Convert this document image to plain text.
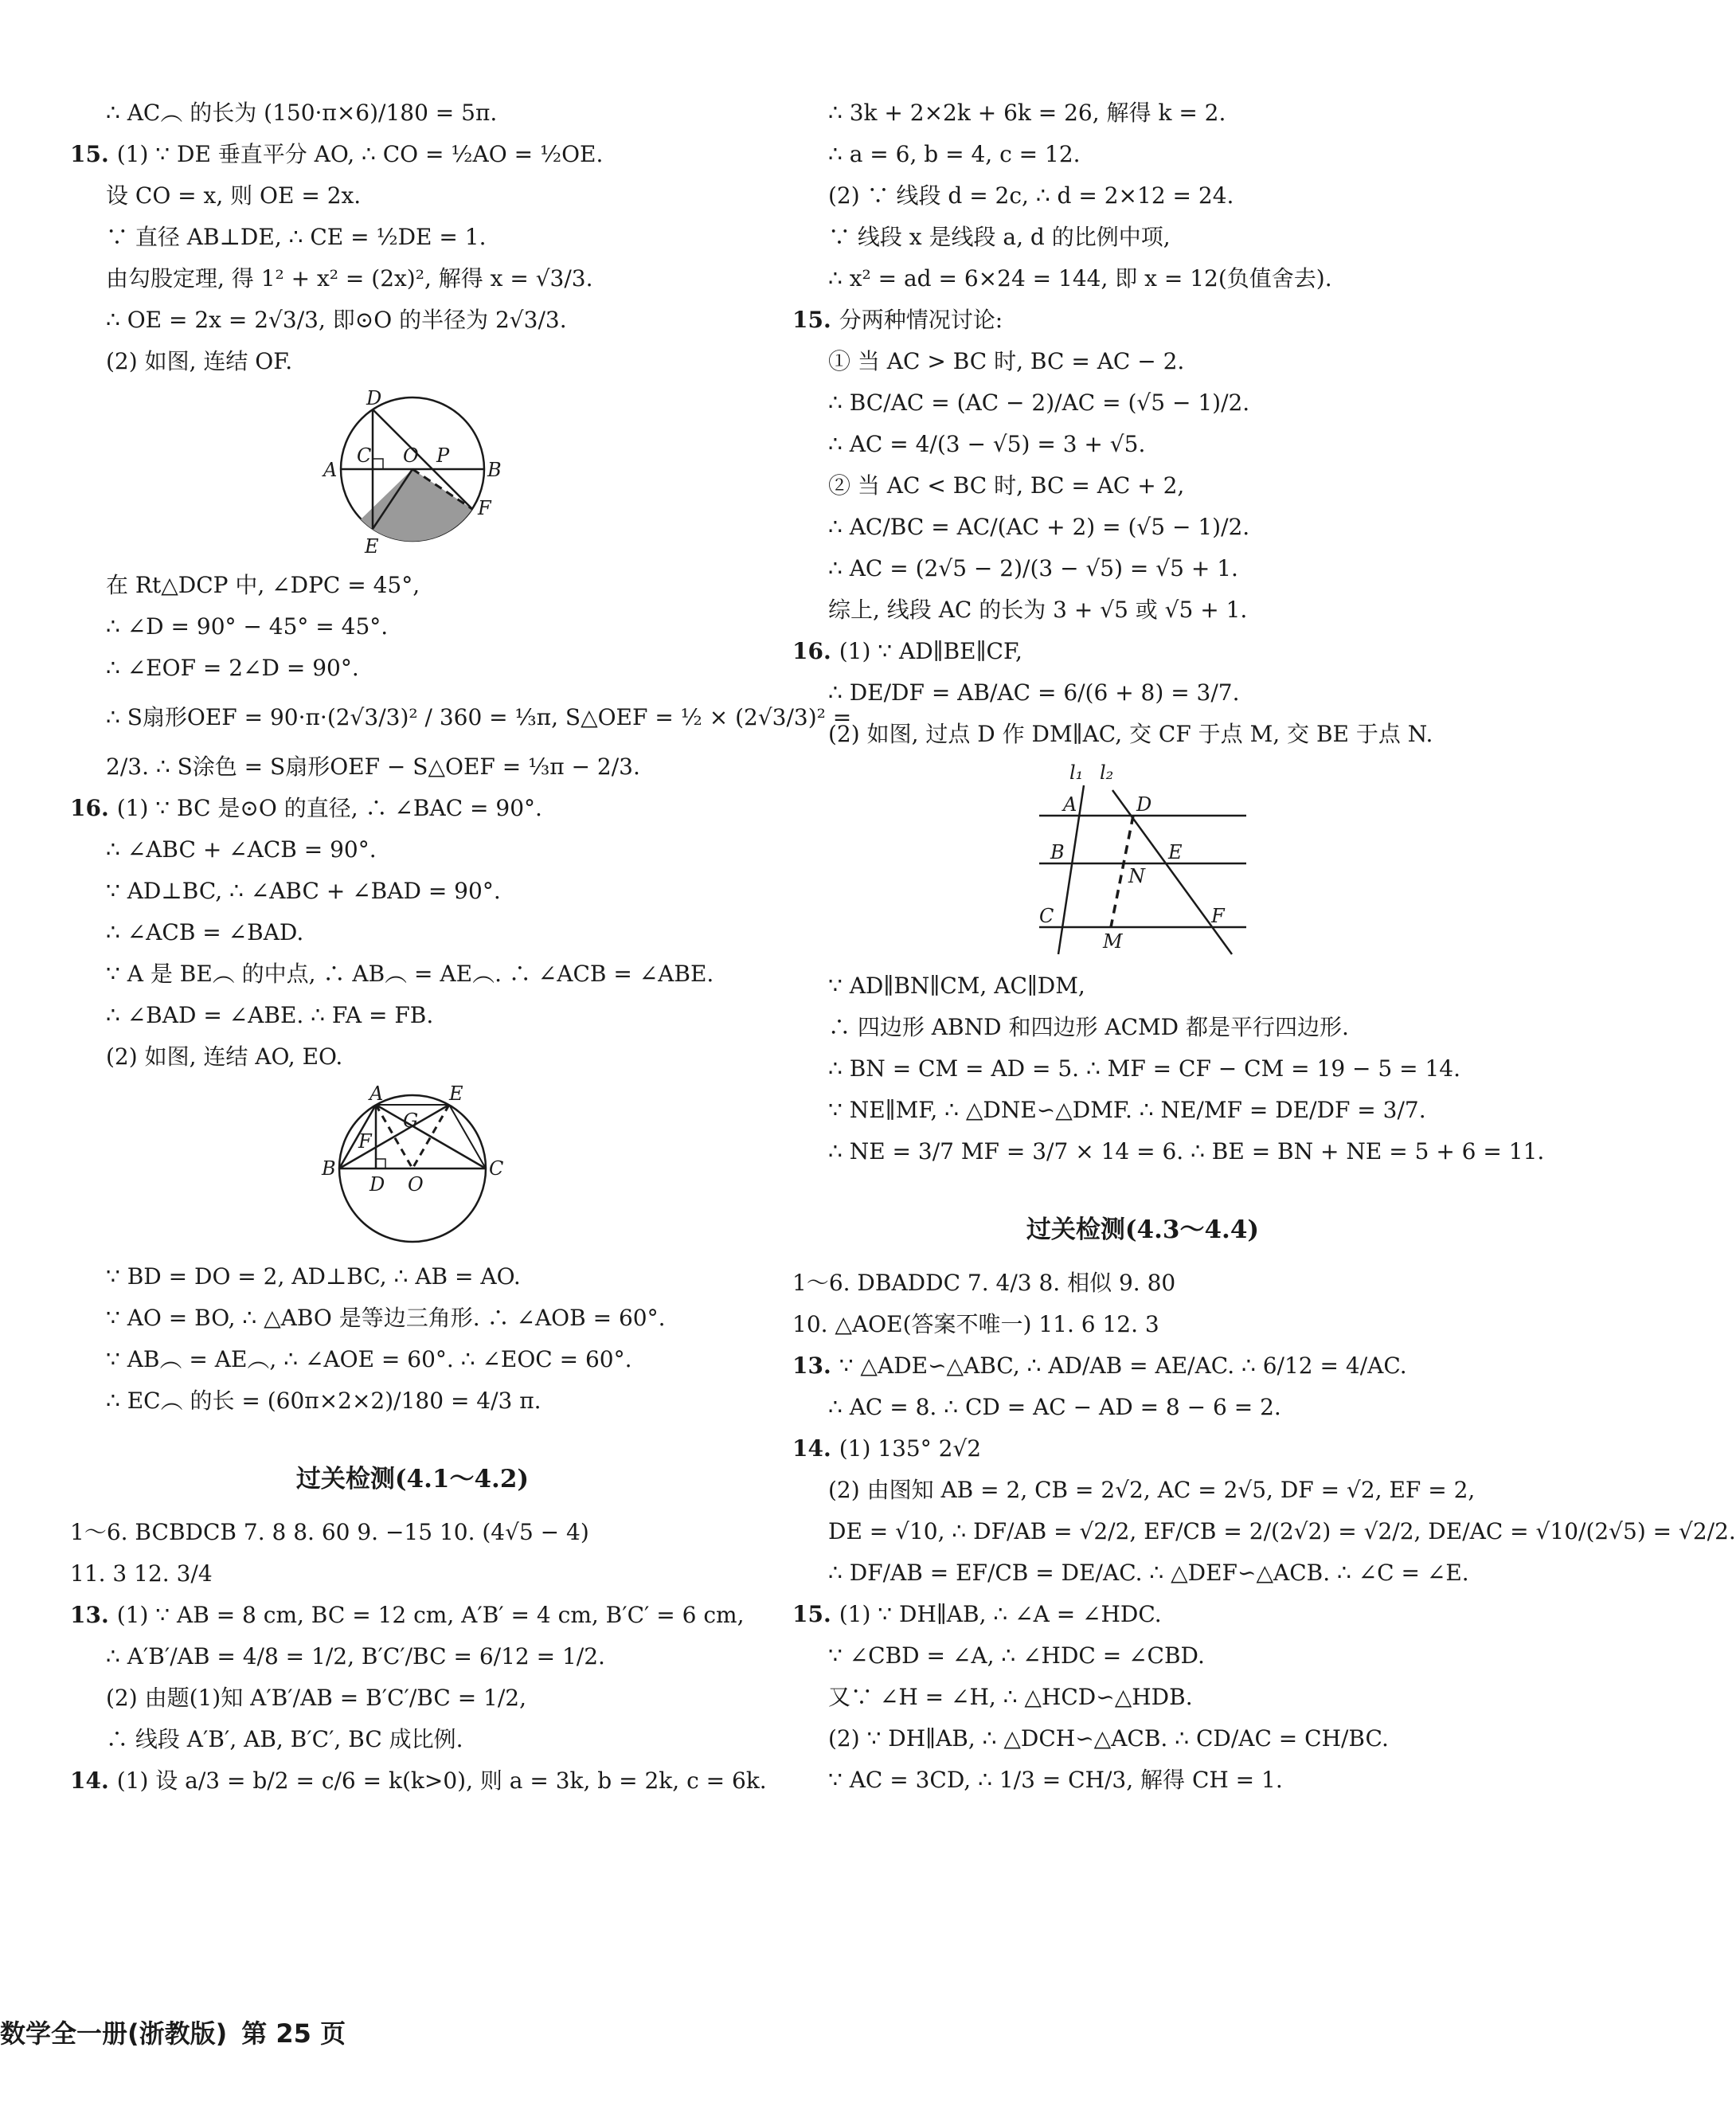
∴ AC︵ 的长为 (150·π×6)/180 = 5π.
15. (1) ∵ DE 垂直平分 AO, ∴ CO = ½AO = ½OE.
设 CO = x, 则 OE = 2x.
∵ 直径 AB⊥DE, ∴ CE = ½DE = 1.
由勾股定理, 得 1² + x² = (2x)², 解得 x = √3/3.
∴ OE = 2x = 2√3/3, 即⊙O 的半径为 2√3/3.
(2) 如图, 连结 OF.
D
C O P
A	B
F
E
在 Rt△DCP 中, ∠DPC = 45°,
∴ ∠D = 90° − 45° = 45°.
∴ ∠EOF = 2∠D = 90°.
∴ S扇形OEF = 90·π·(2√3/3)² / 360 = ⅓π, S△OEF = ½ × (2√3/3)² =
2/3. ∴ S涂色 = S扇形OEF − S△OEF = ⅓π − 2/3.
16. (1) ∵ BC 是⊙O 的直径, ∴ ∠BAC = 90°.
∴ ∠ABC + ∠ACB = 90°.
∵ AD⊥BC, ∴ ∠ABC + ∠BAD = 90°.
∴ ∠ACB = ∠BAD.
∵ A 是 BE︵ 的中点, ∴ AB︵ = AE︵. ∴ ∠ACB = ∠ABE.
∴ ∠BAD = ∠ABE. ∴ FA = FB.
(2) 如图, 连结 AO, EO.
A	E
G
F
B
D O
C
∵ BD = DO = 2, AD⊥BC, ∴ AB = AO.
∵ AO = BO, ∴ △ABO 是等边三角形. ∴ ∠AOB = 60°.
∵ AB︵ = AE︵, ∴ ∠AOE = 60°. ∴ ∠EOC = 60°.
∴ EC︵ 的长 = (60π×2×2)/180 = 4/3 π.
过关检测(4.1～4.2)
1～6. BCBDCB 7. 8 8. 60 9. −15 10. (4√5 − 4)
11. 3 12. 3/4
13. (1) ∵ AB = 8 cm, BC = 12 cm, A′B′ = 4 cm, B′C′ = 6 cm,
∴ A′B′/AB = 4/8 = 1/2, B′C′/BC = 6/12 = 1/2.
(2) 由题(1)知 A′B′/AB = B′C′/BC = 1/2,
∴ 线段 A′B′, AB, B′C′, BC 成比例.
14. (1) 设 a/3 = b/2 = c/6 = k(k>0), 则 a = 3k, b = 2k, c = 6k.
∴ 3k + 2×2k + 6k = 26, 解得 k = 2.
∴ a = 6, b = 4, c = 12.
(2) ∵ 线段 d = 2c, ∴ d = 2×12 = 24.
∵ 线段 x 是线段 a, d 的比例中项,
∴ x² = ad = 6×24 = 144, 即 x = 12(负值舍去).
15. 分两种情况讨论:
① 当 AC > BC 时, BC = AC − 2.
∴ BC/AC = (AC − 2)/AC = (√5 − 1)/2.
∴ AC = 4/(3 − √5) = 3 + √5.
② 当 AC < BC 时, BC = AC + 2,
∴ AC/BC = AC/(AC + 2) = (√5 − 1)/2.
∴ AC = (2√5 − 2)/(3 − √5) = √5 + 1.
综上, 线段 AC 的长为 3 + √5 或 √5 + 1.
16. (1) ∵ AD∥BE∥CF,
∴ DE/DF = AB/AC = 6/(6 + 8) = 3/7.
(2) 如图, 过点 D 作 DM∥AC, 交 CF 于点 M, 交 BE 于点 N.
l₁ l₂
A	D
B
N
E
C	F
M
∵ AD∥BN∥CM, AC∥DM,
∴ 四边形 ABND 和四边形 ACMD 都是平行四边形.
∴ BN = CM = AD = 5. ∴ MF = CF − CM = 19 − 5 = 14.
∵ NE∥MF, ∴ △DNE∽△DMF. ∴ NE/MF = DE/DF = 3/7.
∴ NE = 3/7 MF = 3/7 × 14 = 6. ∴ BE = BN + NE = 5 + 6 = 11.
过关检测(4.3～4.4)
1～6. DBADDC 7. 4/3 8. 相似 9. 80
10. △AOE(答案不唯一) 11. 6 12. 3
13. ∵ △ADE∽△ABC, ∴ AD/AB = AE/AC. ∴ 6/12 = 4/AC.
∴ AC = 8. ∴ CD = AC − AD = 8 − 6 = 2.
14. (1) 135° 2√2
(2) 由图知 AB = 2, CB = 2√2, AC = 2√5, DF = √2, EF = 2,
DE = √10, ∴ DF/AB = √2/2, EF/CB = 2/(2√2) = √2/2, DE/AC = √10/(2√5) = √2/2.
∴ DF/AB = EF/CB = DE/AC. ∴ △DEF∽△ACB. ∴ ∠C = ∠E.
15. (1) ∵ DH∥AB, ∴ ∠A = ∠HDC.
∵ ∠CBD = ∠A, ∴ ∠HDC = ∠CBD.
又∵ ∠H = ∠H, ∴ △HCD∽△HDB.
(2) ∵ DH∥AB, ∴ △DCH∽△ACB. ∴ CD/AC = CH/BC.
∵ AC = 3CD, ∴ 1/3 = CH/3, 解得 CH = 1.
数学全一册(浙教版) 第 25 页
